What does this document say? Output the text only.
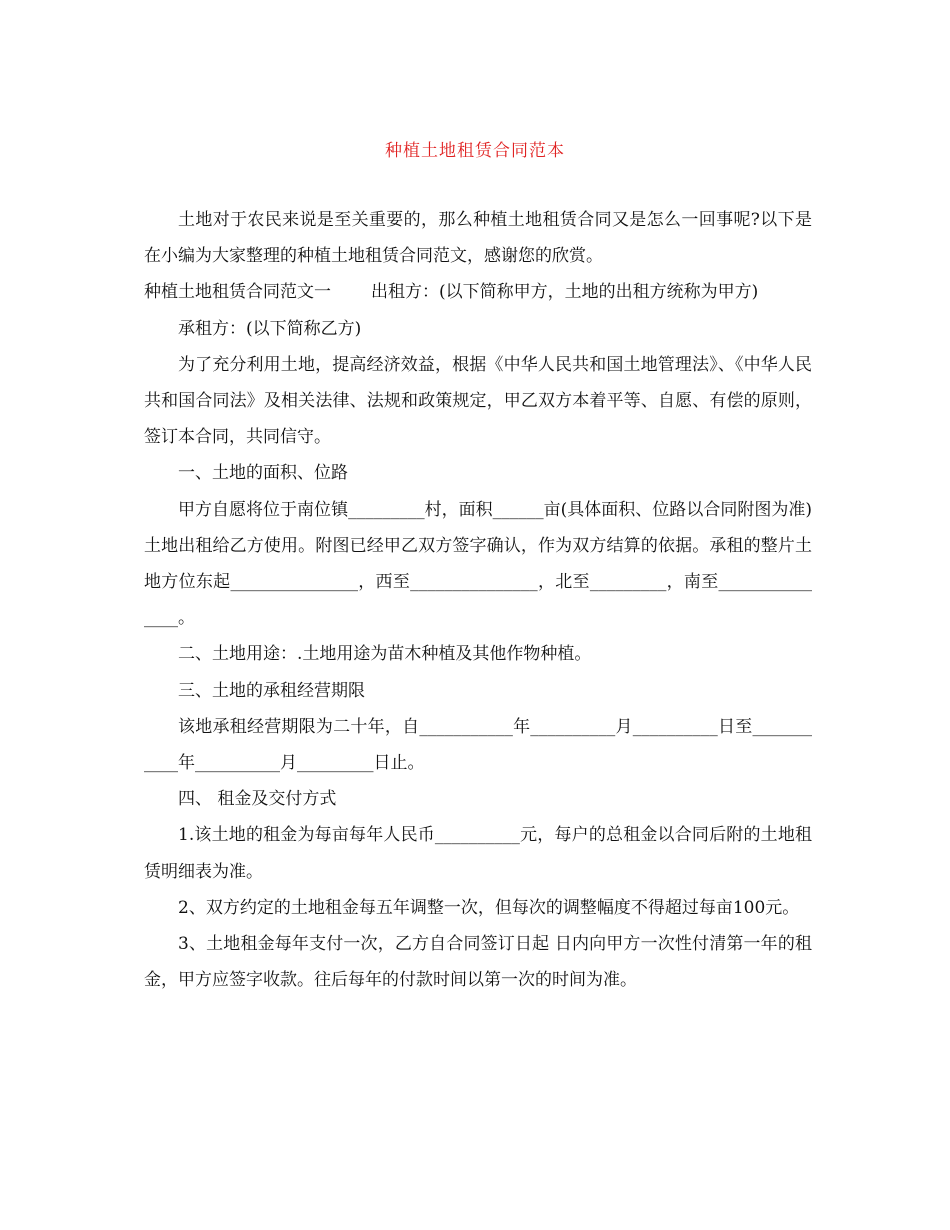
种植土地租赁合同范本

土地对于农民来说是至关重要的，那么种植土地租赁合同又是怎么一回事呢?以下是在小编为大家整理的种植土地租赁合同范文，感谢您的欣赏。

种植土地租赁合同范文一 出租方：(以下简称甲方，土地的出租方统称为甲方)

承租方：(以下简称乙方)

为了充分利用土地，提高经济效益，根据《中华人民共和国土地管理法》、《中华人民共和国合同法》及相关法律、法规和政策规定，甲乙双方本着平等、自愿、有偿的原则，签订本合同，共同信守。

一、土地的面积、位路

甲方自愿将位于南位镇_________村，面积______亩(具体面积、位路以合同附图为准)土地出租给乙方使用。附图已经甲乙双方签字确认，作为双方结算的依据。承租的整片土地方位东起_______________，西至_______________，北至_________，南至_______________。

二、土地用途：.土地用途为苗木种植及其他作物种植。

三、土地的承租经营期限

该地承租经营期限为二十年，自___________年__________月__________日至___________年__________月_________日止。

四、 租金及交付方式

1.该土地的租金为每亩每年人民币__________元，每户的总租金以合同后附的土地租赁明细表为准。

2、双方约定的土地租金每五年调整一次，但每次的调整幅度不得超过每亩100元。

3、土地租金每年支付一次，乙方自合同签订日起 日内向甲方一次性付清第一年的租金，甲方应签字收款。往后每年的付款时间以第一次的时间为准。
